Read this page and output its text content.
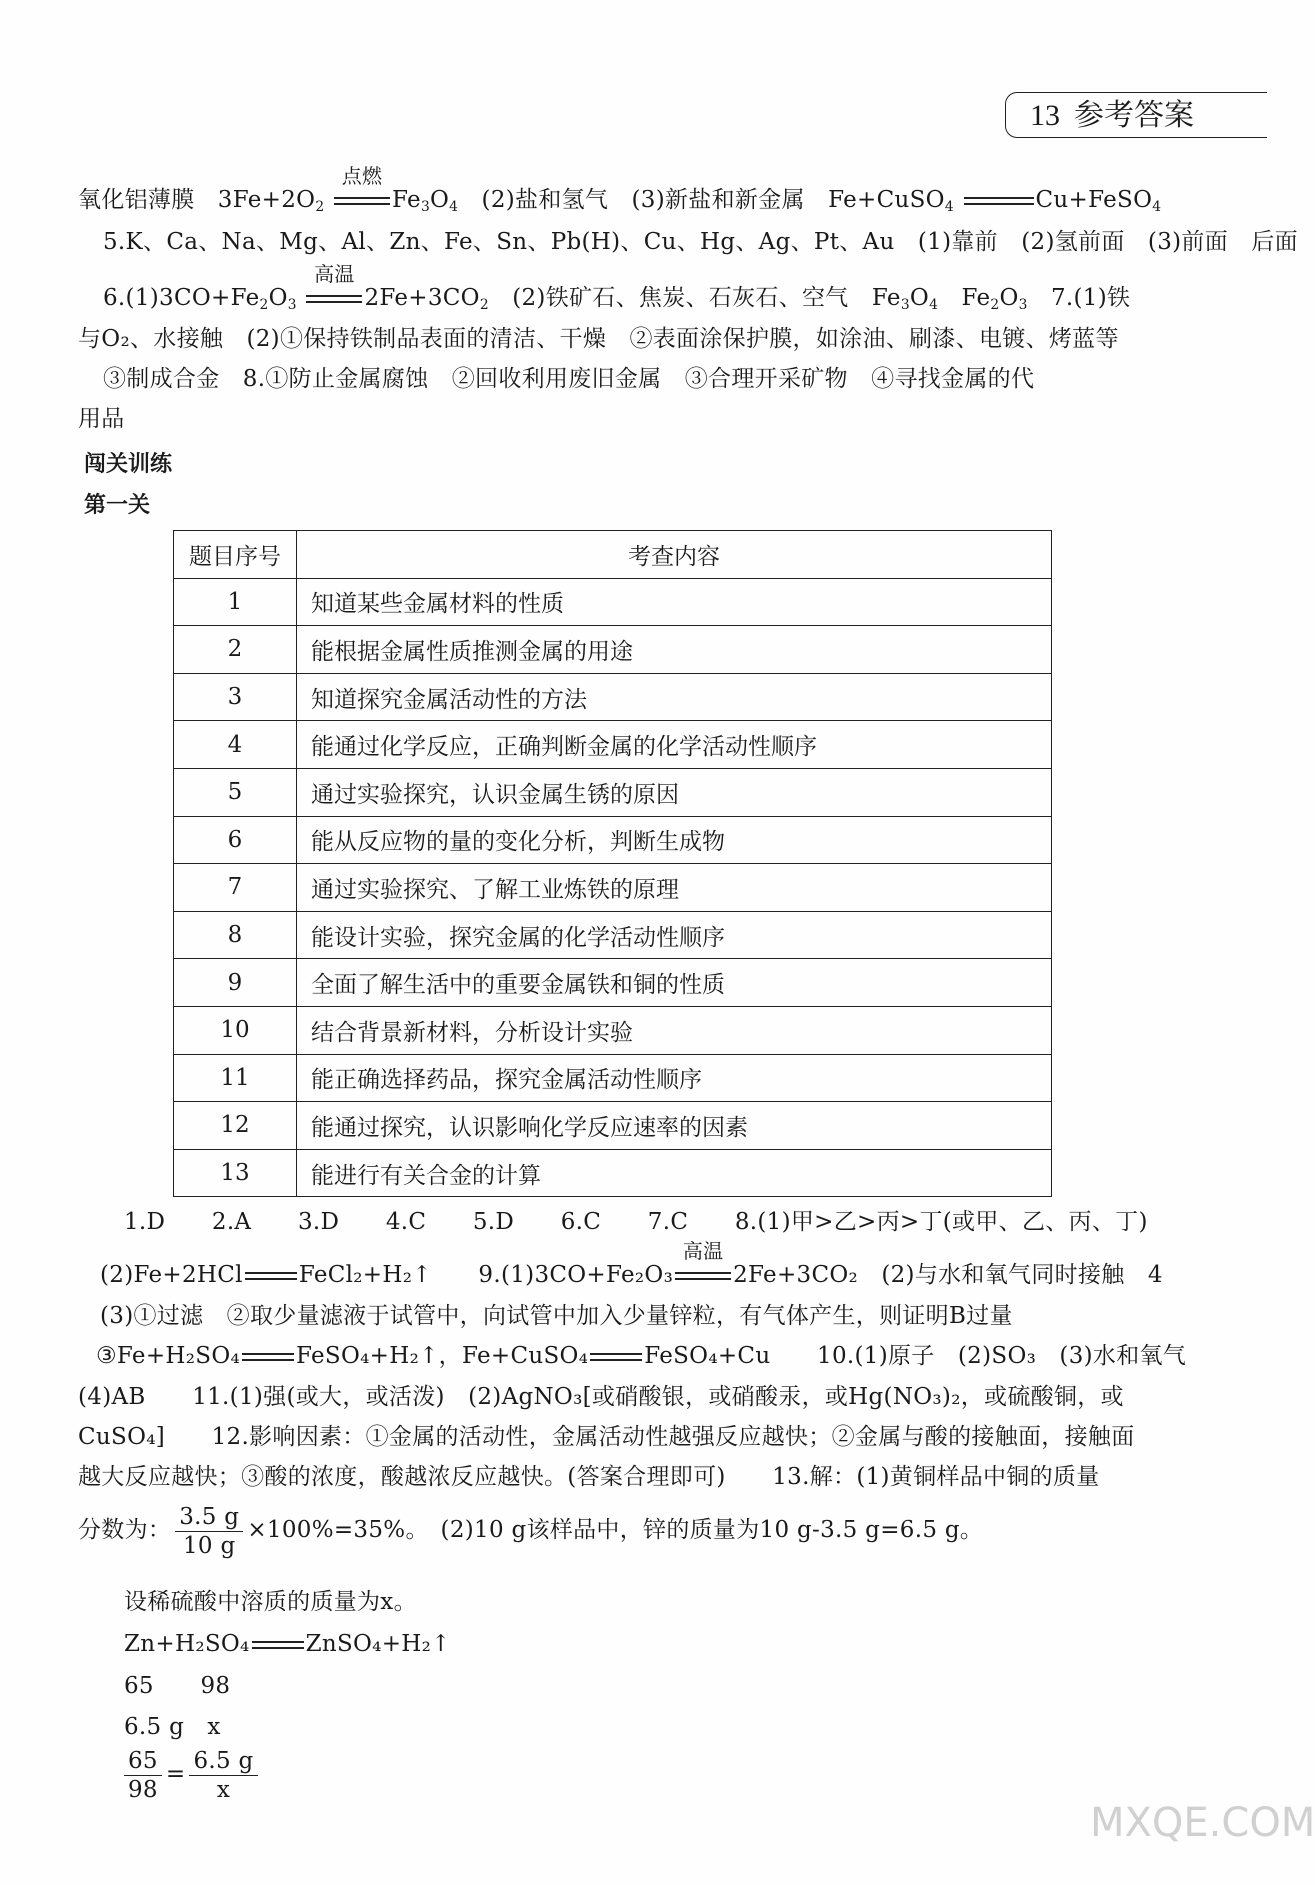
13 参考答案
氧化铝薄膜　$3Fe+2O_2$
点燃
$Fe_3O_4$　(2)盐和氢气　(3)新盐和新金属　Fe+CuSO$_4$	Cu+FeSO$_4$
5.K、Ca、Na、Mg、Al、Zn、Fe、Sn、Pb(H)、Cu、Hg、Ag、Pt、Au　(1)靠前　(2)氢前面　(3)前面　后面
$6.(1)3CO+Fe_2O_3$
高温
$2Fe+3CO_2$　(2)铁矿石、焦炭、石灰石、空气　$Fe_3O_4$　$Fe_2O_3$　7.(1)铁
与O₂、水接触　(2)①保持铁制品表面的清洁、干燥　②表面涂保护膜，如涂油、刷漆、电镀、烤蓝等
③制成合金　8.①防止金属腐蚀　②回收利用废旧金属　③合理开采矿物　④寻找金属的代
用品
闯关训练
第一关
题目序号	考查内容
1	知道某些金属材料的性质
2	能根据金属性质推测金属的用途
3	知道探究金属活动性的方法
4	能通过化学反应，正确判断金属的化学活动性顺序
5	通过实验探究，认识金属生锈的原因
6	能从反应物的量的变化分析，判断生成物
7	通过实验探究、了解工业炼铁的原理
8	能设计实验，探究金属的化学活动性顺序
9	全面了解生活中的重要金属铁和铜的性质
10	结合背景新材料，分析设计实验
11	能正确选择药品，探究金属活动性顺序
12	能通过探究，认识影响化学反应速率的因素
13	能进行有关合金的计算
1.D　　2.A　　3.D　　4.C　　5.D　　6.C　　7.C　　8.(1)甲>乙>丙>丁(或甲、乙、丙、丁)
(2)Fe+2HCl FeCl₂+H₂↑　　9.(1)3CO+Fe₂O₃
高温
2Fe+3CO₂　(2)与水和氧气同时接触　4
(3)①过滤　②取少量滤液于试管中，向试管中加入少量锌粒，有气体产生，则证明B过量
③Fe+H₂SO₄ FeSO₄+H₂↑，Fe+CuSO₄ FeSO₄+Cu　　10.(1)原子　(2)SO₃　(3)水和氧气
(4)AB　　11.(1)强(或大，或活泼)　(2)AgNO₃[或硝酸银，或硝酸汞，或Hg(NO₃)₂，或硫酸铜，或
CuSO₄]　　12.影响因素：①金属的活动性，金属活动性越强反应越快；②金属与酸的接触面，接触面
越大反应越快；③酸的浓度，酸越浓反应越快。(答案合理即可)　　13.解：(1)黄铜样品中铜的质量
分数为： $\frac{3.5 g}{10 g} \times 100\%=35\%$。　(2)10 g该样品中，锌的质量为10 g-3.5 g=6.5 g。
设稀硫酸中溶质的质量为x。
Zn+H₂SO₄ ZnSO₄+H₂↑
65　　98
6.5 g　x
$\frac{65}{98} = \frac{6.5 g}{x}$
MXQE.COM
